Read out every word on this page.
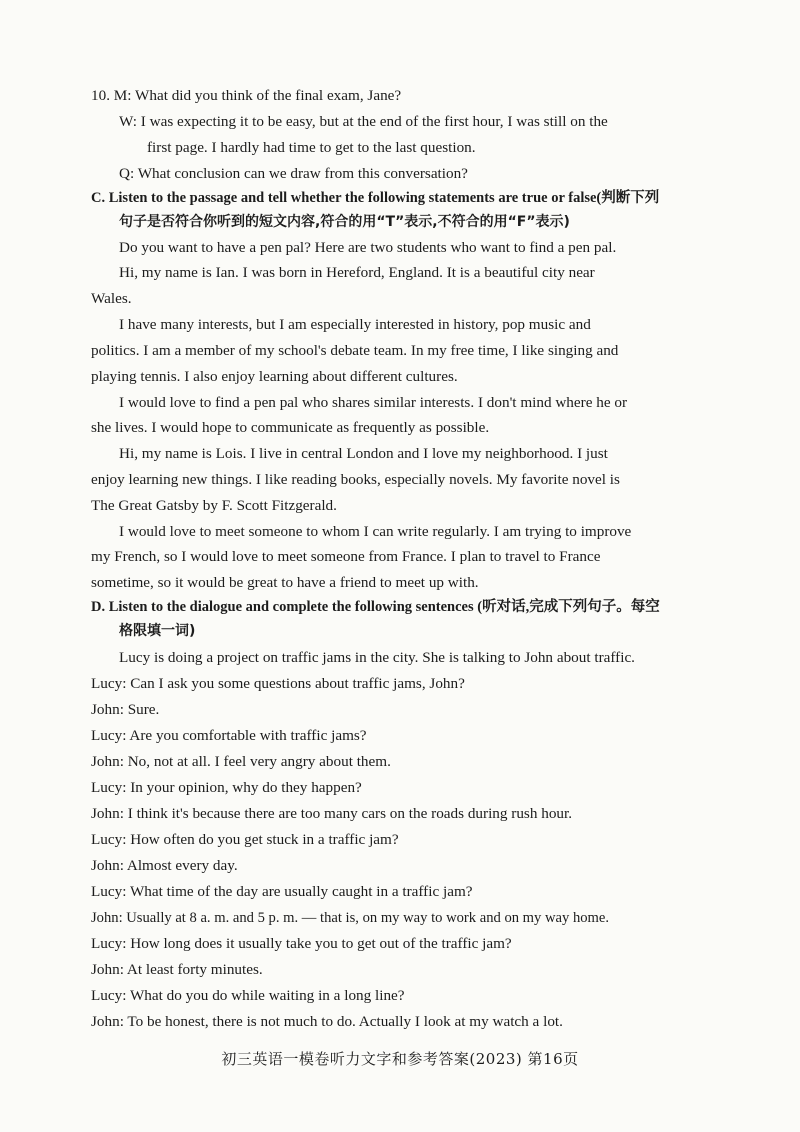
10. M: What did you think of the final exam, Jane?
W: I was expecting it to be easy, but at the end of the first hour, I was still on the
first page. I hardly had time to get to the last question.
Q: What conclusion can we draw from this conversation?
C. Listen to the passage and tell whether the following statements are true or false(判断下列
句子是否符合你听到的短文内容,符合的用“T”表示,不符合的用“F”表示)
Do you want to have a pen pal? Here are two students who want to find a pen pal.
Hi, my name is Ian. I was born in Hereford, England. It is a beautiful city near
Wales.
I have many interests, but I am especially interested in history, pop music and
politics. I am a member of my school's debate team. In my free time, I like singing and
playing tennis. I also enjoy learning about different cultures.
I would love to find a pen pal who shares similar interests. I don't mind where he or
she lives. I would hope to communicate as frequently as possible.
Hi, my name is Lois. I live in central London and I love my neighborhood. I just
enjoy learning new things. I like reading books, especially novels. My favorite novel is
The Great Gatsby by F. Scott Fitzgerald.
I would love to meet someone to whom I can write regularly. I am trying to improve
my French, so I would love to meet someone from France. I plan to travel to France
sometime, so it would be great to have a friend to meet up with.
D. Listen to the dialogue and complete the following sentences (听对话,完成下列句子。每空
格限填一词)
Lucy is doing a project on traffic jams in the city. She is talking to John about traffic.
Lucy: Can I ask you some questions about traffic jams, John?
John: Sure.
Lucy: Are you comfortable with traffic jams?
John: No, not at all. I feel very angry about them.
Lucy: In your opinion, why do they happen?
John: I think it's because there are too many cars on the roads during rush hour.
Lucy: How often do you get stuck in a traffic jam?
John: Almost every day.
Lucy: What time of the day are usually caught in a traffic jam?
John: Usually at 8 a. m. and 5 p. m. — that is, on my way to work and on my way home.
Lucy: How long does it usually take you to get out of the traffic jam?
John: At least forty minutes.
Lucy: What do you do while waiting in a long line?
John: To be honest, there is not much to do. Actually I look at my watch a lot.
初三英语一模卷听力文字和参考答案(2023) 第16页
